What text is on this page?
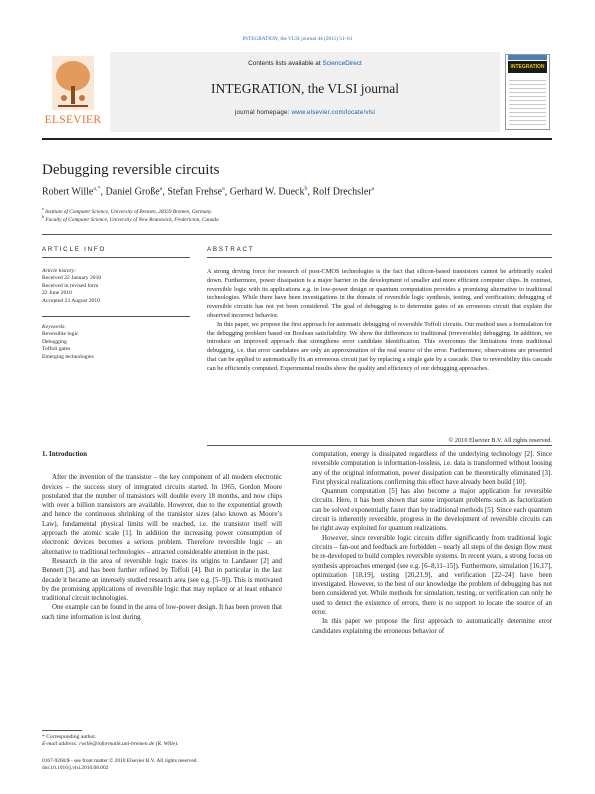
INTEGRATION, the VLSI journal 44 (2011) 51–61
ELSEVIER
Contents lists available at ScienceDirect
INTEGRATION, the VLSI journal
journal homepage: www.elsevier.com/locate/vlsi
INTEGRATION
Debugging reversible circuits
Robert Wille$^{a,*}$, Daniel Große$^a$, Stefan Frehse$^a$, Gerhard W. Dueck$^b$, Rolf Drechsler$^a$
$^a$ Institute of Computer Science, University of Bremen, 28359 Bremen, Germany
$^b$ Faculty of Computer Science, University of New Brunswick, Fredericton, Canada
ARTICLE INFO	ABSTRACT
Article history:
Received 22 January 2010
Received in revised form
22 June 2010
Accepted 23 August 2010
Keywords:
Reversible logic
Debugging
Toffoli gates
Emerging technologies

A strong driving force for research of post-CMOS technologies is the fact that silicon-based transistors cannot be arbitrarily scaled down. Furthermore, power dissipation is a major barrier in the development of smaller and more efficient computer chips. In contrast, reversible logic with its applications e.g. in low-power design or quantum computation provides a promising alternative to traditional technologies. While there have been investigations in the domain of reversible logic synthesis, testing, and verification; debugging of reversible circuits has not yet been considered. The goal of debugging is to determine gates of an erroneous circuit that explain the observed incorrect behavior.

In this paper, we propose the first approach for automatic debugging of reversible Toffoli circuits. Our method uses a formulation for the debugging problem based on Boolean satisfiability. We show the differences to traditional (irreversible) debugging. In addition, we introduce an improved approach that strengthens error candidate identification. This overcomes the limitations from traditional debugging, i.e. that error candidates are only an approximation of the real source of the error. Furthermore, observations are presented that can be applied to automatically fix an erroneous circuit just by replacing a single gate by a cascade. Due to reversibility this cascade can be efficiently computed. Experimental results show the quality and efficiency of our debugging approaches.

© 2010 Elsevier B.V. All rights reserved.

1. Introduction

After the invention of the transistor – the key component of all modern electronic devices – the success story of integrated circuits started. In 1965, Gordon Moore postulated that the number of transistors will double every 18 months, and now chips with over a billion transistors are available. However, due to the exponential growth and hence the continuous shrinking of the transistor sizes (also known as Moore’s Law), fundamental physical limits will be reached, i.e. the transistor itself will approach the atomic scale [1]. In addition the increasing power consumption of electronic devices becomes a serious problem. Therefore reversible logic – an alternative to traditional technologies – attracted considerable attention in the past.

Research in the area of reversible logic traces its origins to Landauer [2] and Bennett [3], and has been further refined by Toffoli [4]. But in particular in the last decade it became an intensely studied research area (see e.g. [5–9]). This is motivated by the promising applications of reversible logic that may replace or at least enhance traditional circuit technologies.

One example can be found in the area of low-power design. It has been proven that each time information is lost during

computation, energy is dissipated regardless of the underlying technology [2]. Since reversible computation is information-lossless, i.e. data is transformed without loosing any of the original information, power dissipation can be theoretically eliminated [3]. First physical realizations confirming this effect have already been build [10].

Quantum computation [5] has also become a major application for reversible circuits. Here, it has been shown that some important problems such as factorization can be solved exponentially faster than by traditional methods [5]. Since each quantum circuit is inherently reversible, progress in the development of reversible circuits can be right away exploited for quantum realizations.

However, since reversible logic circuits differ significantly from traditional logic circuits – fan-out and feedback are forbidden – nearly all steps of the design flow must be re-developed to build complex reversible systems. In recent years, a strong focus on synthesis approaches emerged (see e.g. [6–8,11–15]). Furthermore, simulation [16,17], optimization [18,19], testing [20,21,9], and verification [22–24] have been investigated. However, to the best of our knowledge the problem of debugging has not been considered yet. While methods for simulation, testing, or verification can only be used to detect the existence of errors, there is no support to locate the source of an error.

In this paper we propose the first approach to automatically determine error candidates explaining the erroneous behavior of

* Corresponding author.
E-mail address: rwille@informatik.uni-bremen.de (R. Wille).
0167-9260/$ - see front matter © 2010 Elsevier B.V. All rights reserved.
doi:10.1016/j.vlsi.2010.08.002
